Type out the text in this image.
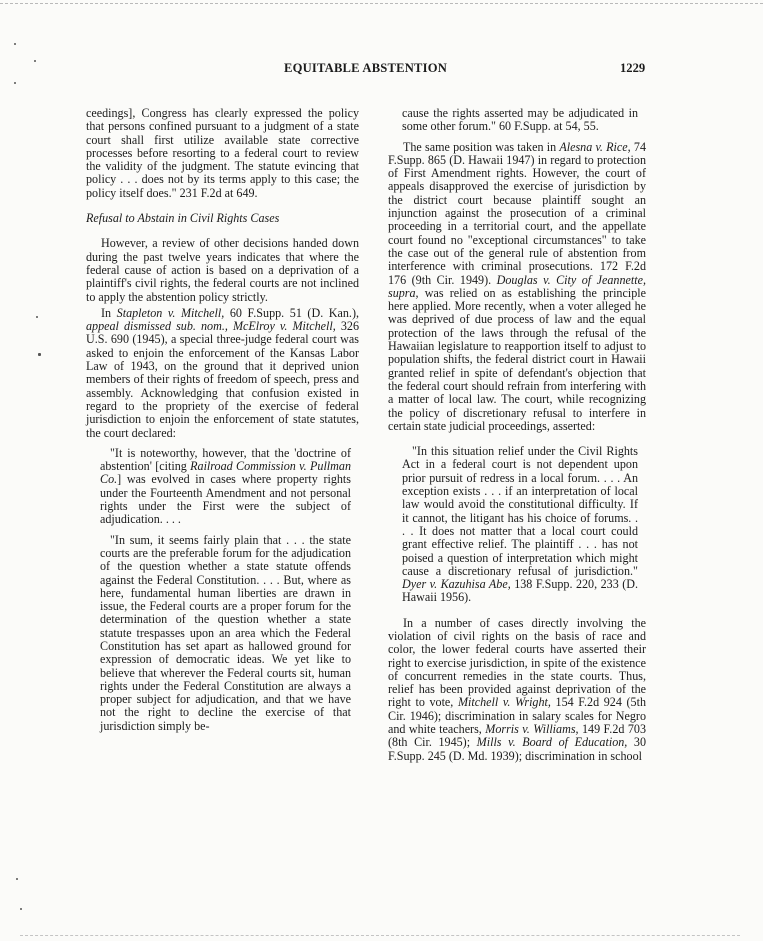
EQUITABLE ABSTENTION	1229

ceedings], Congress has clearly expressed the policy that persons confined pursuant to a judgment of a state court shall first utilize available state corrective processes before resorting to a federal court to review the validity of the judgment. The statute evincing that policy . . . does not by its terms apply to this case; the policy itself does." 231 F.2d at 649.

Refusal to Abstain in Civil Rights Cases

However, a review of other decisions handed down during the past twelve years indicates that where the federal cause of action is based on a deprivation of a plaintiff's civil rights, the federal courts are not inclined to apply the abstention policy strictly.

In Stapleton v. Mitchell, 60 F.Supp. 51 (D. Kan.), appeal dismissed sub. nom., McElroy v. Mitchell, 326 U.S. 690 (1945), a special three-judge federal court was asked to enjoin the enforcement of the Kansas Labor Law of 1943, on the ground that it deprived union members of their rights of freedom of speech, press and assembly. Acknowledging that confusion existed in regard to the propriety of the exercise of federal jurisdiction to enjoin the enforcement of state statutes, the court declared:

"It is noteworthy, however, that the 'doctrine of abstention' [citing Railroad Commission v. Pullman Co.] was evolved in cases where property rights under the Fourteenth Amendment and not personal rights under the First were the subject of adjudication. . . .

"In sum, it seems fairly plain that . . . the state courts are the preferable forum for the adjudication of the question whether a state statute offends against the Federal Constitution. . . . But, where as here, fundamental human liberties are drawn in issue, the Federal courts are a proper forum for the determination of the question whether a state statute trespasses upon an area which the Federal Constitution has set apart as hallowed ground for expression of democratic ideas. We yet like to believe that wherever the Federal courts sit, human rights under the Federal Constitution are always a proper subject for adjudication, and that we have not the right to decline the exercise of that jurisdiction simply be-

cause the rights asserted may be adjudicated in some other forum." 60 F.Supp. at 54, 55.

The same position was taken in Alesna v. Rice, 74 F.Supp. 865 (D. Hawaii 1947) in regard to protection of First Amendment rights. However, the court of appeals disapproved the exercise of jurisdiction by the district court because plaintiff sought an injunction against the prosecution of a criminal proceeding in a territorial court, and the appellate court found no "exceptional circumstances" to take the case out of the general rule of abstention from interference with criminal prosecutions. 172 F.2d 176 (9th Cir. 1949). Douglas v. City of Jeannette, supra, was relied on as establishing the principle here applied. More recently, when a voter alleged he was deprived of due process of law and the equal protection of the laws through the refusal of the Hawaiian legislature to reapportion itself to adjust to population shifts, the federal district court in Hawaii granted relief in spite of defendant's objection that the federal court should refrain from interfering with a matter of local law. The court, while recognizing the policy of discretionary refusal to interfere in certain state judicial proceedings, asserted:

"In this situation relief under the Civil Rights Act in a federal court is not dependent upon prior pursuit of redress in a local forum. . . . An exception exists . . . if an interpretation of local law would avoid the constitutional difficulty. If it cannot, the litigant has his choice of forums. . . . It does not matter that a local court could grant effective relief. The plaintiff . . . has not poised a question of interpretation which might cause a discretionary refusal of jurisdiction." Dyer v. Kazuhisa Abe, 138 F.Supp. 220, 233 (D. Hawaii 1956).

In a number of cases directly involving the violation of civil rights on the basis of race and color, the lower federal courts have asserted their right to exercise jurisdiction, in spite of the existence of concurrent remedies in the state courts. Thus, relief has been provided against deprivation of the right to vote, Mitchell v. Wright, 154 F.2d 924 (5th Cir. 1946); discrimination in salary scales for Negro and white teachers, Morris v. Williams, 149 F.2d 703 (8th Cir. 1945); Mills v. Board of Education, 30 F.Supp. 245 (D. Md. 1939); discrimination in school
